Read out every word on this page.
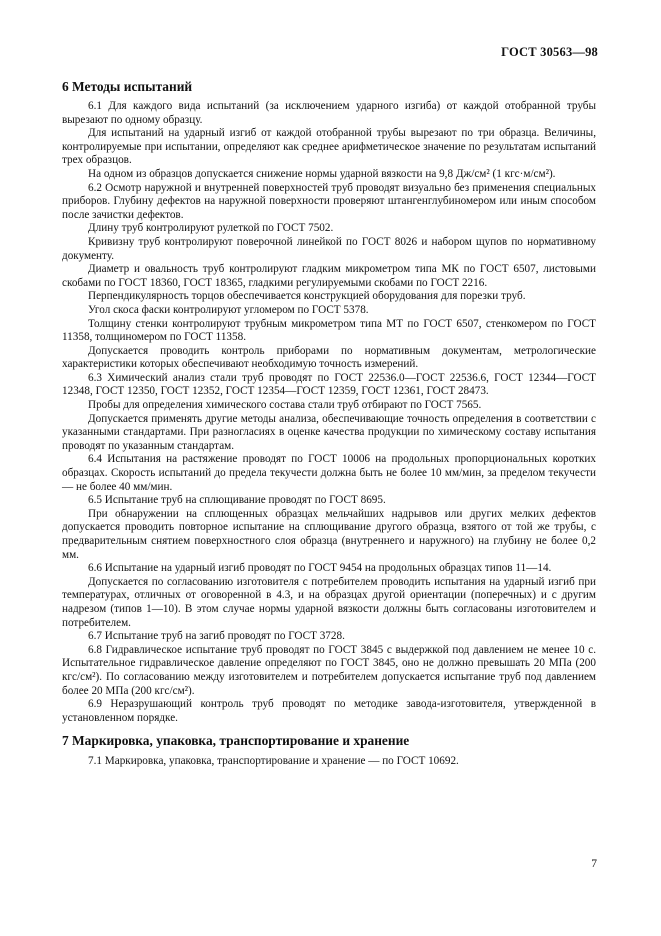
ГОСТ 30563—98
6 Методы испытаний

6.1 Для каждого вида испытаний (за исключением ударного изгиба) от каждой отобранной трубы вырезают по одному образцу.

Для испытаний на ударный изгиб от каждой отобранной трубы вырезают по три образца. Величины, контролируемые при испытании, определяют как среднее арифметическое значение по результатам испытаний трех образцов.

На одном из образцов допускается снижение нормы ударной вязкости на 9,8 Дж/см² (1 кгс·м/см²).

6.2 Осмотр наружной и внутренней поверхностей труб проводят визуально без применения специальных приборов. Глубину дефектов на наружной поверхности проверяют штангенглубиномером или иным способом после зачистки дефектов.

Длину труб контролируют рулеткой по ГОСТ 7502.

Кривизну труб контролируют поверочной линейкой по ГОСТ 8026 и набором щупов по нормативному документу.

Диаметр и овальность труб контролируют гладким микрометром типа МК по ГОСТ 6507, листовыми скобами по ГОСТ 18360, ГОСТ 18365, гладкими регулируемыми скобами по ГОСТ 2216.

Перпендикулярность торцов обеспечивается конструкцией оборудования для порезки труб.

Угол скоса фаски контролируют угломером по ГОСТ 5378.

Толщину стенки контролируют трубным микрометром типа МТ по ГОСТ 6507, стенкомером по ГОСТ 11358, толщиномером по ГОСТ 11358.

Допускается проводить контроль приборами по нормативным документам, метрологические характеристики которых обеспечивают необходимую точность измерений.

6.3 Химический анализ стали труб проводят по ГОСТ 22536.0—ГОСТ 22536.6, ГОСТ 12344—ГОСТ 12348, ГОСТ 12350, ГОСТ 12352, ГОСТ 12354—ГОСТ 12359, ГОСТ 12361, ГОСТ 28473.

Пробы для определения химического состава стали труб отбирают по ГОСТ 7565.

Допускается применять другие методы анализа, обеспечивающие точность определения в соответствии с указанными стандартами. При разногласиях в оценке качества продукции по химическому составу испытания проводят по указанным стандартам.

6.4 Испытания на растяжение проводят по ГОСТ 10006 на продольных пропорциональных коротких образцах. Скорость испытаний до предела текучести должна быть не более 10 мм/мин, за пределом текучести — не более 40 мм/мин.

6.5 Испытание труб на сплющивание проводят по ГОСТ 8695.

При обнаружении на сплющенных образцах мельчайших надрывов или других мелких дефектов допускается проводить повторное испытание на сплющивание другого образца, взятого от той же трубы, с предварительным снятием поверхностного слоя образца (внутреннего и наружного) на глубину не более 0,2 мм.

6.6 Испытание на ударный изгиб проводят по ГОСТ 9454 на продольных образцах типов 11—14.

Допускается по согласованию изготовителя с потребителем проводить испытания на ударный изгиб при температурах, отличных от оговоренной в 4.3, и на образцах другой ориентации (поперечных) и с другим надрезом (типов 1—10). В этом случае нормы ударной вязкости должны быть согласованы изготовителем и потребителем.

6.7 Испытание труб на загиб проводят по ГОСТ 3728.

6.8 Гидравлическое испытание труб проводят по ГОСТ 3845 с выдержкой под давлением не менее 10 с. Испытательное гидравлическое давление определяют по ГОСТ 3845, оно не должно превышать 20 МПа (200 кгс/см²). По согласованию между изготовителем и потребителем допускается испытание труб под давлением более 20 МПа (200 кгс/см²).

6.9 Неразрушающий контроль труб проводят по методике завода-изготовителя, утвержденной в установленном порядке.

7 Маркировка, упаковка, транспортирование и хранение

7.1 Маркировка, упаковка, транспортирование и хранение — по ГОСТ 10692.

7
